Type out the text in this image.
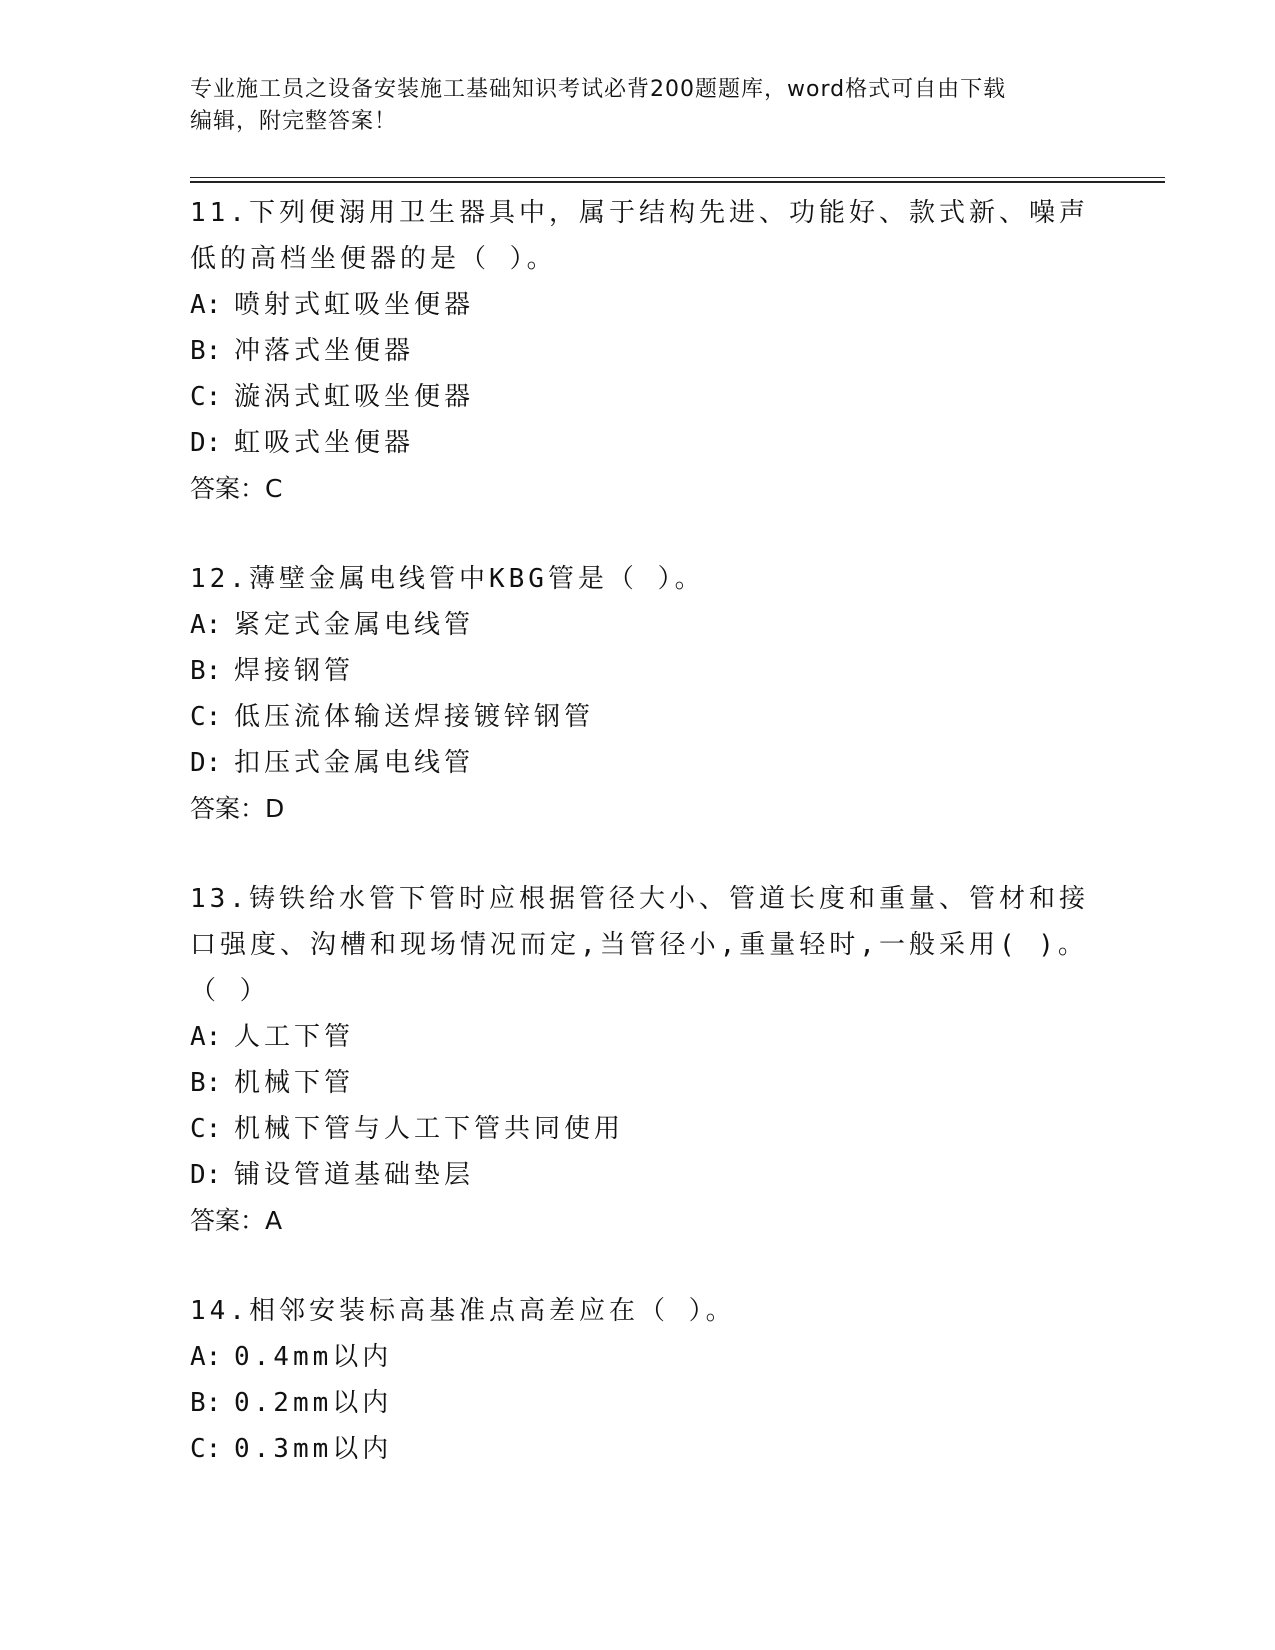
专业施工员之设备安装施工基础知识考试必背200题题库，word格式可自由下载
编辑，附完整答案！

11.下列便溺用卫生器具中，属于结构先进、功能好、款式新、噪声低的高档坐便器的是（ ）。

A: 喷射式虹吸坐便器
B: 冲落式坐便器
C: 漩涡式虹吸坐便器
D: 虹吸式坐便器

答案：C

12.薄壁金属电线管中KBG管是（ ）。

A: 紧定式金属电线管
B: 焊接钢管
C: 低压流体输送焊接镀锌钢管
D: 扣压式金属电线管

答案：D

13.铸铁给水管下管时应根据管径大小、管道长度和重量、管材和接口强度、沟槽和现场情况而定,当管径小,重量轻时,一般采用( )。（ ）

A: 人工下管
B: 机械下管
C: 机械下管与人工下管共同使用
D: 铺设管道基础垫层

答案：A

14.相邻安装标高基准点高差应在（ ）。

A: 0.4mm以内
B: 0.2mm以内
C: 0.3mm以内
